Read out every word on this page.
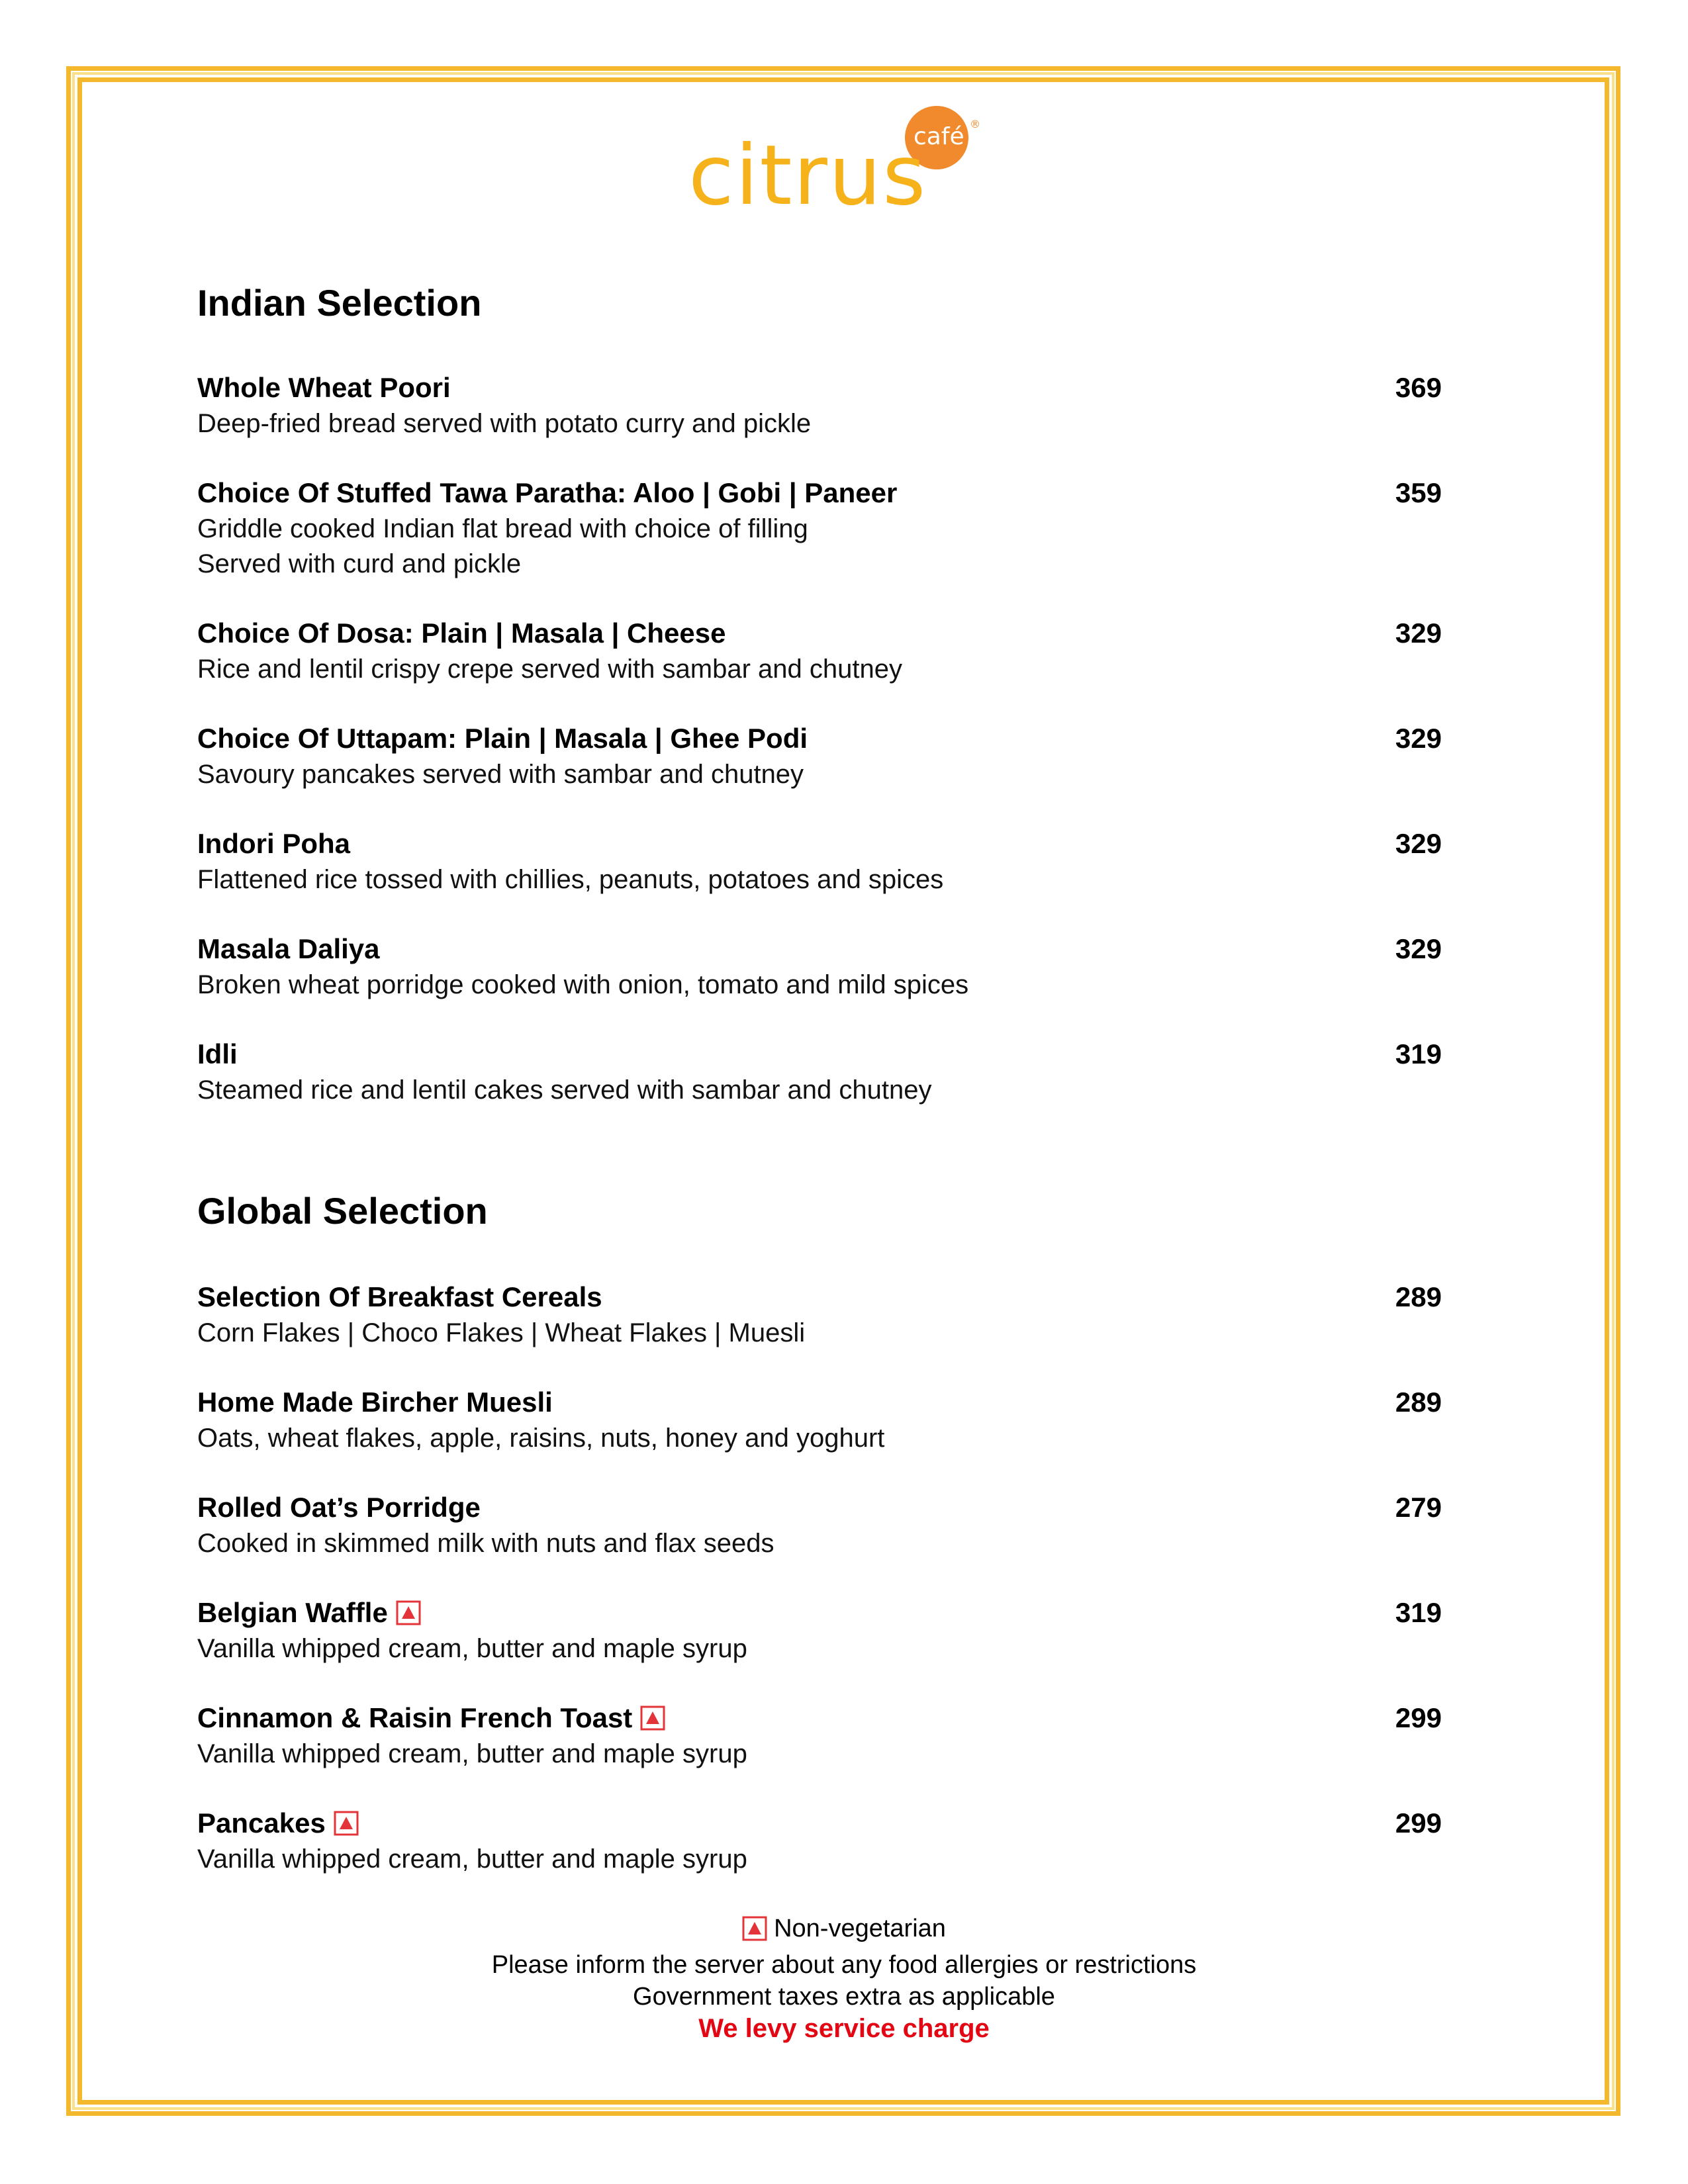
citrus
café ®
Indian Selection
Whole Wheat Poori	369
Deep-fried bread served with potato curry and pickle
Choice Of Stuffed Tawa Paratha: Aloo | Gobi | Paneer	359
Griddle cooked Indian flat bread with choice of filling
Served with curd and pickle
Choice Of Dosa: Plain | Masala | Cheese	329
Rice and lentil crispy crepe served with sambar and chutney
Choice Of Uttapam: Plain | Masala | Ghee Podi	329
Savoury pancakes served with sambar and chutney
Indori Poha	329
Flattened rice tossed with chillies, peanuts, potatoes and spices
Masala Daliya	329
Broken wheat porridge cooked with onion, tomato and mild spices
Idli	319
Steamed rice and lentil cakes served with sambar and chutney
Global Selection
Selection Of Breakfast Cereals	289
Corn Flakes | Choco Flakes | Wheat Flakes | Muesli
Home Made Bircher Muesli	289
Oats, wheat flakes, apple, raisins, nuts, honey and yoghurt
Rolled Oat’s Porridge	279
Cooked in skimmed milk with nuts and flax seeds
Belgian Waffle	319
Vanilla whipped cream, butter and maple syrup
Cinnamon & Raisin French Toast	299
Vanilla whipped cream, butter and maple syrup
Pancakes	299
Vanilla whipped cream, butter and maple syrup
Non-vegetarian
Please inform the server about any food allergies or restrictions
Government taxes extra as applicable
We levy service charge
